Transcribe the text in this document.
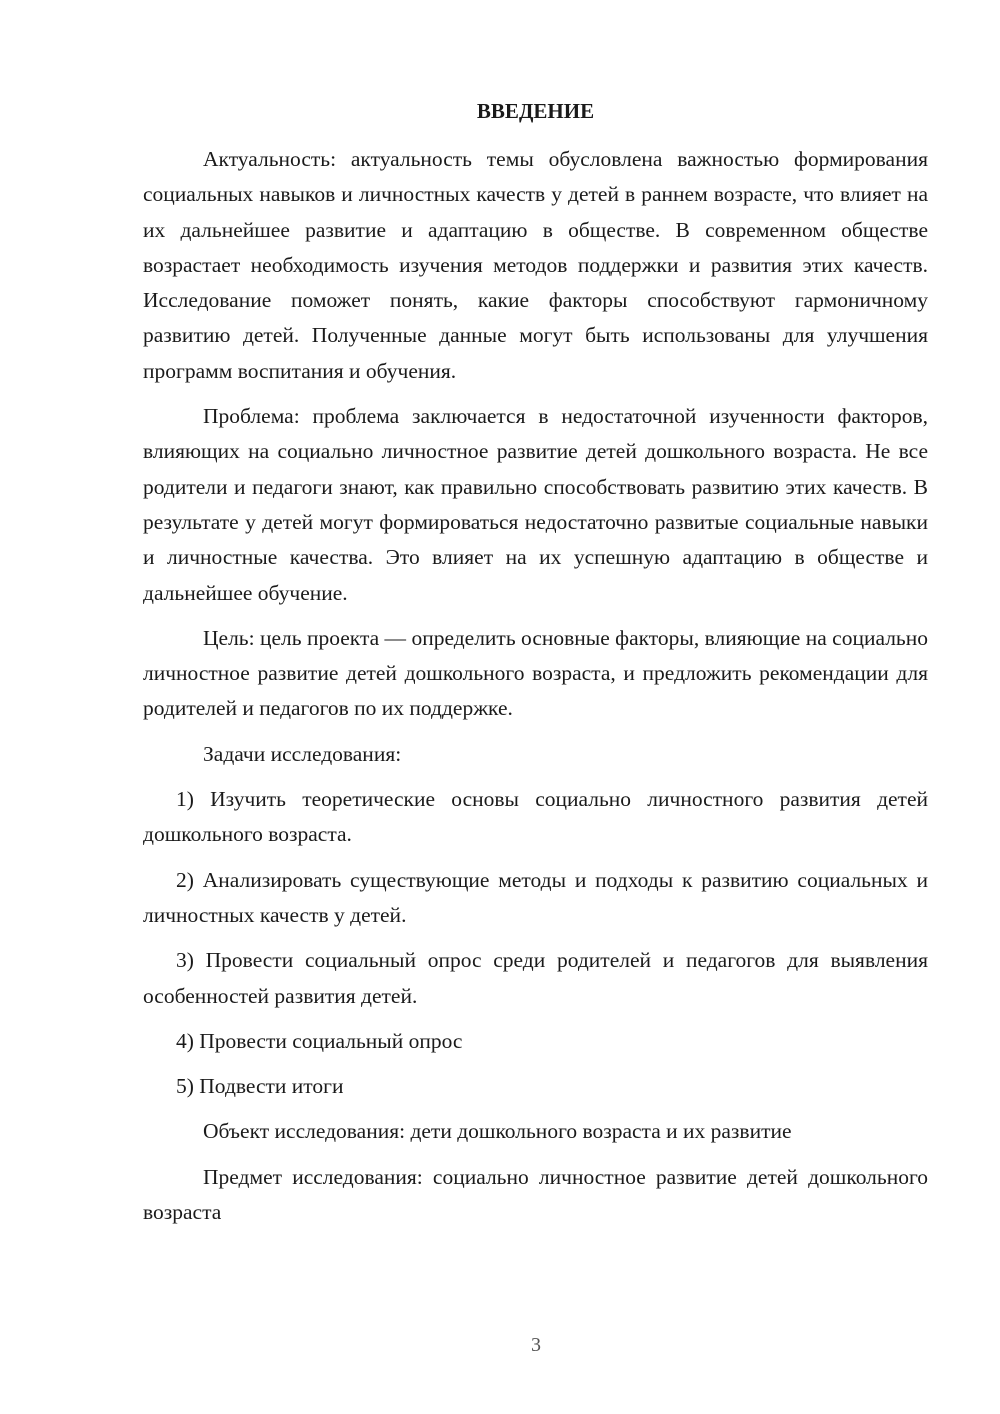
ВВЕДЕНИЕ

Актуальность: актуальность темы обусловлена важностью формирования социальных навыков и личностных качеств у детей в раннем возрасте, что влияет на их дальнейшее развитие и адаптацию в обществе. В современном обществе возрастает необходимость изучения методов поддержки и развития этих качеств. Исследование поможет понять, какие факторы способствуют гармоничному развитию детей. Полученные данные могут быть использованы для улучшения программ воспитания и обучения.

Проблема: проблема заключается в недостаточной изученности факторов, влияющих на социально личностное развитие детей дошкольного возраста. Не все родители и педагоги знают, как правильно способствовать развитию этих качеств. В результате у детей могут формироваться недостаточно развитые социальные навыки и личностные качества. Это влияет на их успешную адаптацию в обществе и дальнейшее обучение.

Цель: цель проекта — определить основные факторы, влияющие на социально личностное развитие детей дошкольного возраста, и предложить рекомендации для родителей и педагогов по их поддержке.

Задачи исследования:

1) Изучить теоретические основы социально личностного развития детей дошкольного возраста.

2) Анализировать существующие методы и подходы к развитию социальных и личностных качеств у детей.

3) Провести социальный опрос среди родителей и педагогов для выявления особенностей развития детей.

4) Провести социальный опрос

5) Подвести итоги

Объект исследования: дети дошкольного возраста и их развитие

Предмет исследования: социально личностное развитие детей дошкольного возраста

3
